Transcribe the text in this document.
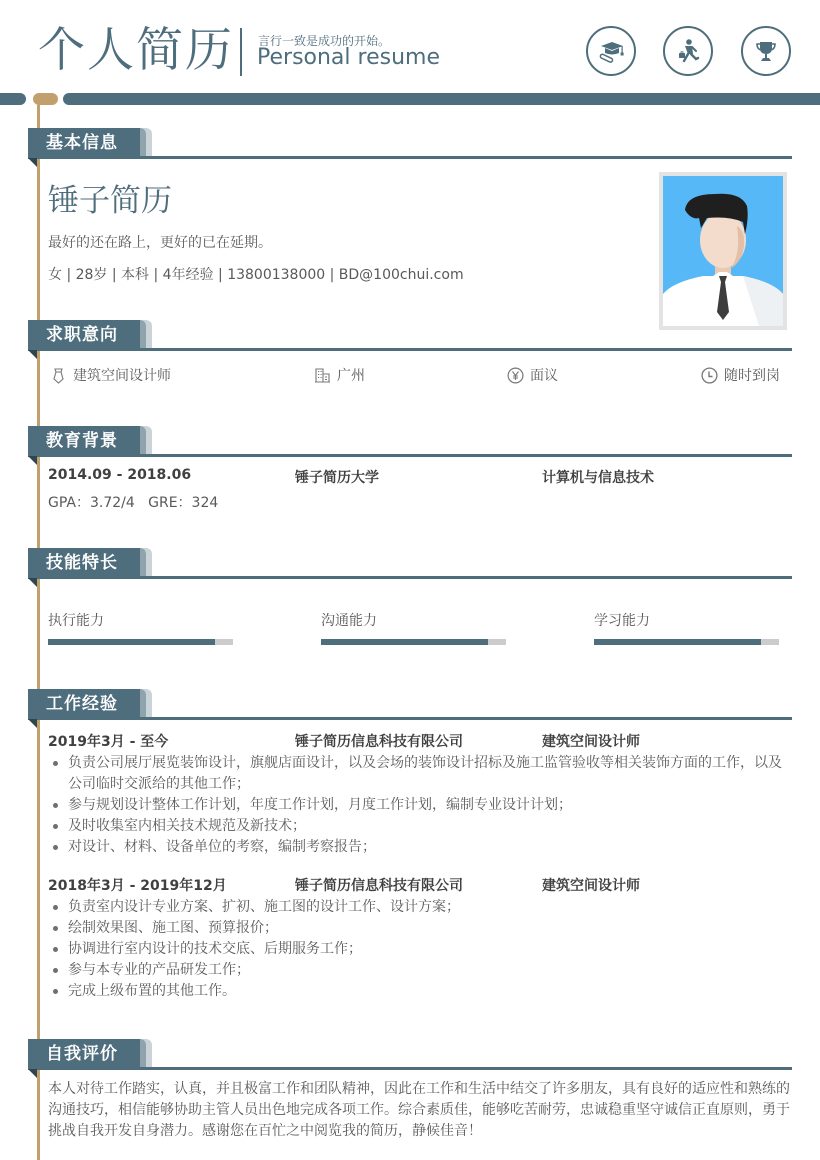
个人简历 言行一致是成功的开始。
Personal resume
基本信息
锤子简历
最好的还在路上，更好的已在延期。
女 | 28岁 | 本科 | 4年经验 | 13800138000 | BD@100chui.com
求职意向
建筑空间设计师	广州	面议	随时到岗
教育背景
2014.09 - 2018.06	锤子简历大学	计算机与信息技术
GPA：3.72/4   GRE：324
技能特长
执行能力	沟通能力	学习能力
工作经验
2019年3月 - 至今	锤子简历信息科技有限公司	建筑空间设计师
负责公司展厅展览装饰设计，旗舰店面设计，以及会场的装饰设计招标及施工监管验收等相关装饰方面的工作，以及公司临时交派给的其他工作；
参与规划设计整体工作计划，年度工作计划，月度工作计划，编制专业设计计划；
及时收集室内相关技术规范及新技术；
对设计、材料、设备单位的考察，编制考察报告；
2018年3月 - 2019年12月	锤子简历信息科技有限公司	建筑空间设计师
负责室内设计专业方案、扩初、施工图的设计工作、设计方案；
绘制效果图、施工图、预算报价；
协调进行室内设计的技术交底、后期服务工作；
参与本专业的产品研发工作；
完成上级布置的其他工作。
自我评价
本人对待工作踏实，认真，并且极富工作和团队精神，因此在工作和生活中结交了许多朋友，具有良好的适应性和熟练的沟通技巧，相信能够协助主管人员出色地完成各项工作。综合素质佳，能够吃苦耐劳，忠诚稳重坚守诚信正直原则，勇于挑战自我开发自身潜力。感谢您在百忙之中阅览我的简历，静候佳音！
